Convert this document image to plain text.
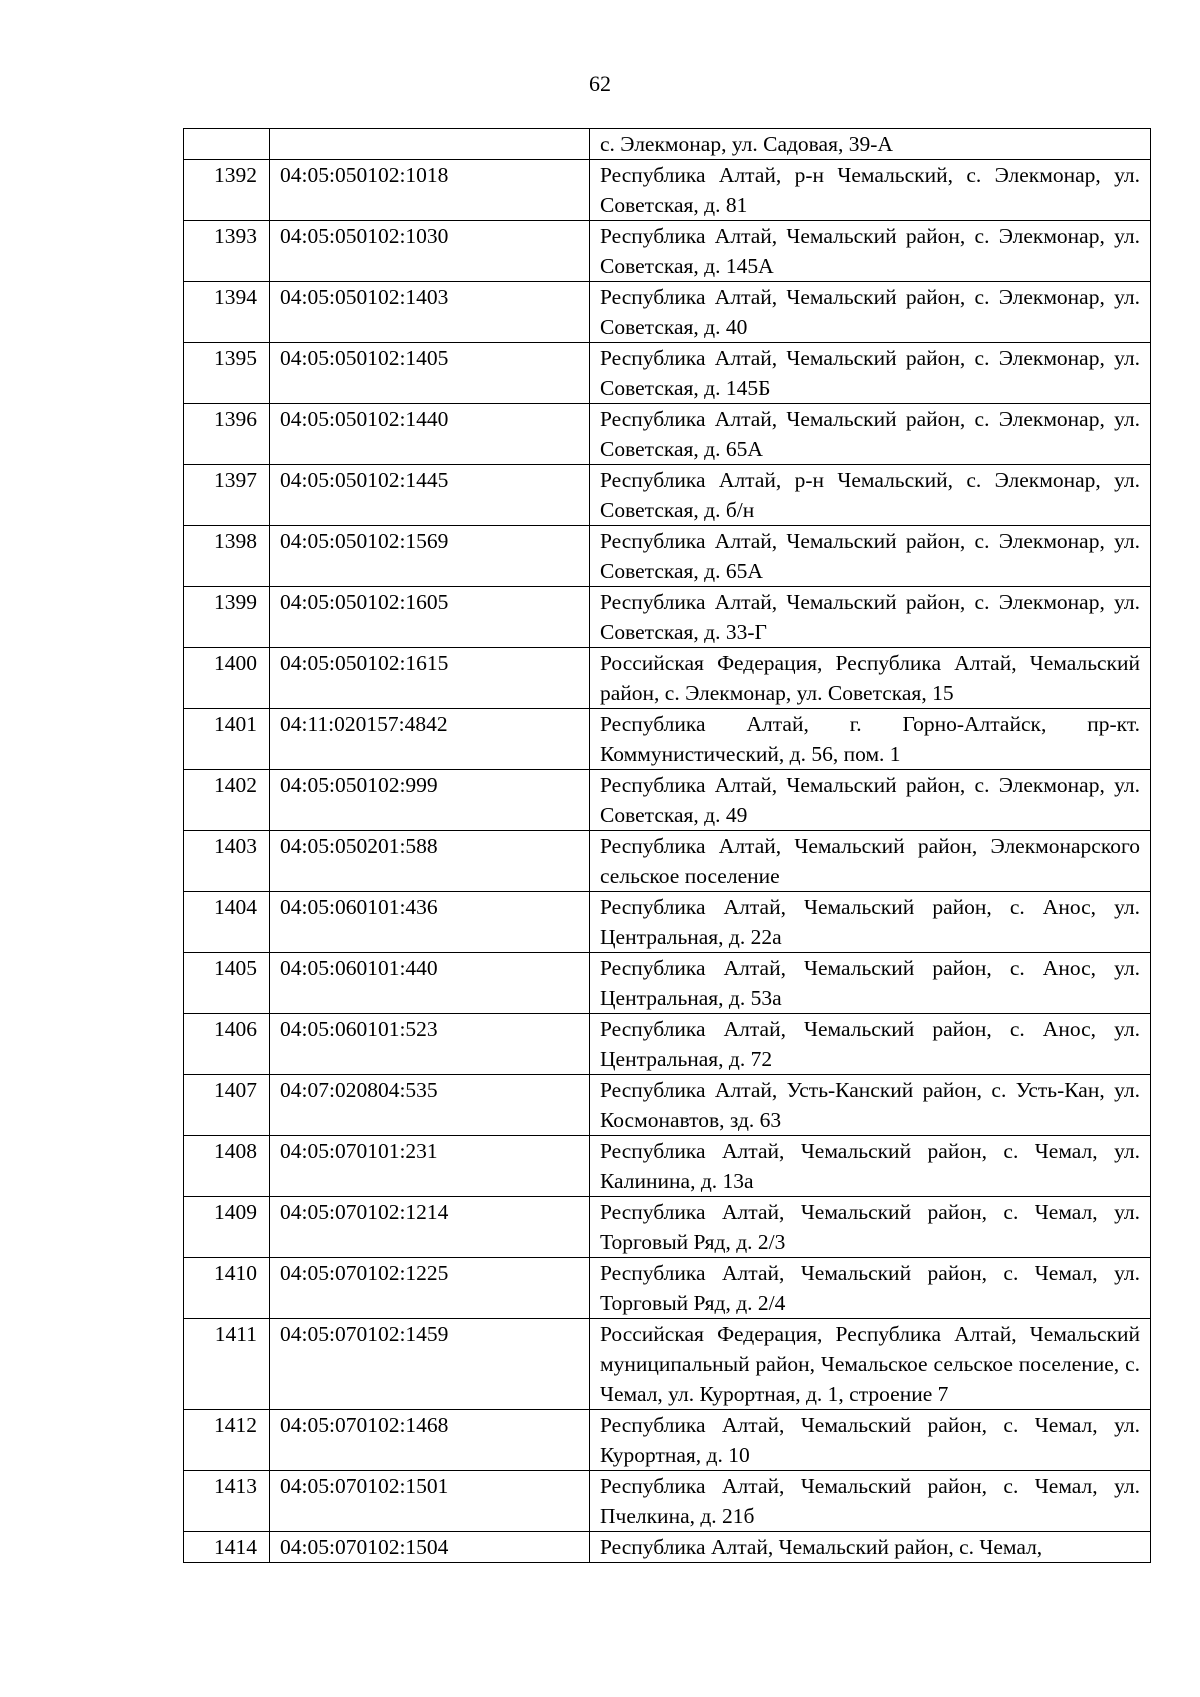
62
		с. Элекмонар, ул. Садовая, 39-А
1392	04:05:050102:1018	Республика Алтай, р-н Чемальский, с. Элекмонар, ул. Советская, д. 81
1393	04:05:050102:1030	Республика Алтай, Чемальский район, с. Элекмонар, ул. Советская, д. 145А
1394	04:05:050102:1403	Республика Алтай, Чемальский район, с. Элекмонар, ул. Советская, д. 40
1395	04:05:050102:1405	Республика Алтай, Чемальский район, с. Элекмонар, ул. Советская, д. 145Б
1396	04:05:050102:1440	Республика Алтай, Чемальский район, с. Элекмонар, ул. Советская, д. 65А
1397	04:05:050102:1445	Республика Алтай, р-н Чемальский, с. Элекмонар, ул. Советская, д. б/н
1398	04:05:050102:1569	Республика Алтай, Чемальский район, с. Элекмонар, ул. Советская, д. 65А
1399	04:05:050102:1605	Республика Алтай, Чемальский район, с. Элекмонар, ул. Советская, д. 33-Г
1400	04:05:050102:1615	Российская Федерация, Республика Алтай, Чемальский район, с. Элекмонар, ул. Советская, 15
1401	04:11:020157:4842	Республика Алтай, г. Горно-Алтайск, пр-кт. Коммунистический, д. 56, пом. 1
1402	04:05:050102:999	Республика Алтай, Чемальский район, с. Элекмонар, ул. Советская, д. 49
1403	04:05:050201:588	Республика Алтай, Чемальский район, Элекмонарского сельское поселение
1404	04:05:060101:436	Республика Алтай, Чемальский район, с. Анос, ул. Центральная, д. 22а
1405	04:05:060101:440	Республика Алтай, Чемальский район, с. Анос, ул. Центральная, д. 53а
1406	04:05:060101:523	Республика Алтай, Чемальский район, с. Анос, ул. Центральная, д. 72
1407	04:07:020804:535	Республика Алтай, Усть-Канский район, с. Усть-Кан, ул. Космонавтов, зд. 63
1408	04:05:070101:231	Республика Алтай, Чемальский район, с. Чемал, ул. Калинина, д. 13а
1409	04:05:070102:1214	Республика Алтай, Чемальский район, с. Чемал, ул. Торговый Ряд, д. 2/3
1410	04:05:070102:1225	Республика Алтай, Чемальский район, с. Чемал, ул. Торговый Ряд, д. 2/4
1411	04:05:070102:1459	Российская Федерация, Республика Алтай, Чемальский муниципальный район, Чемальское сельское поселение, с. Чемал, ул. Курортная, д. 1, строение 7
1412	04:05:070102:1468	Республика Алтай, Чемальский район, с. Чемал, ул. Курортная, д. 10
1413	04:05:070102:1501	Республика Алтай, Чемальский район, с. Чемал, ул. Пчелкина, д. 21б
1414	04:05:070102:1504	Республика Алтай, Чемальский район, с. Чемал,
